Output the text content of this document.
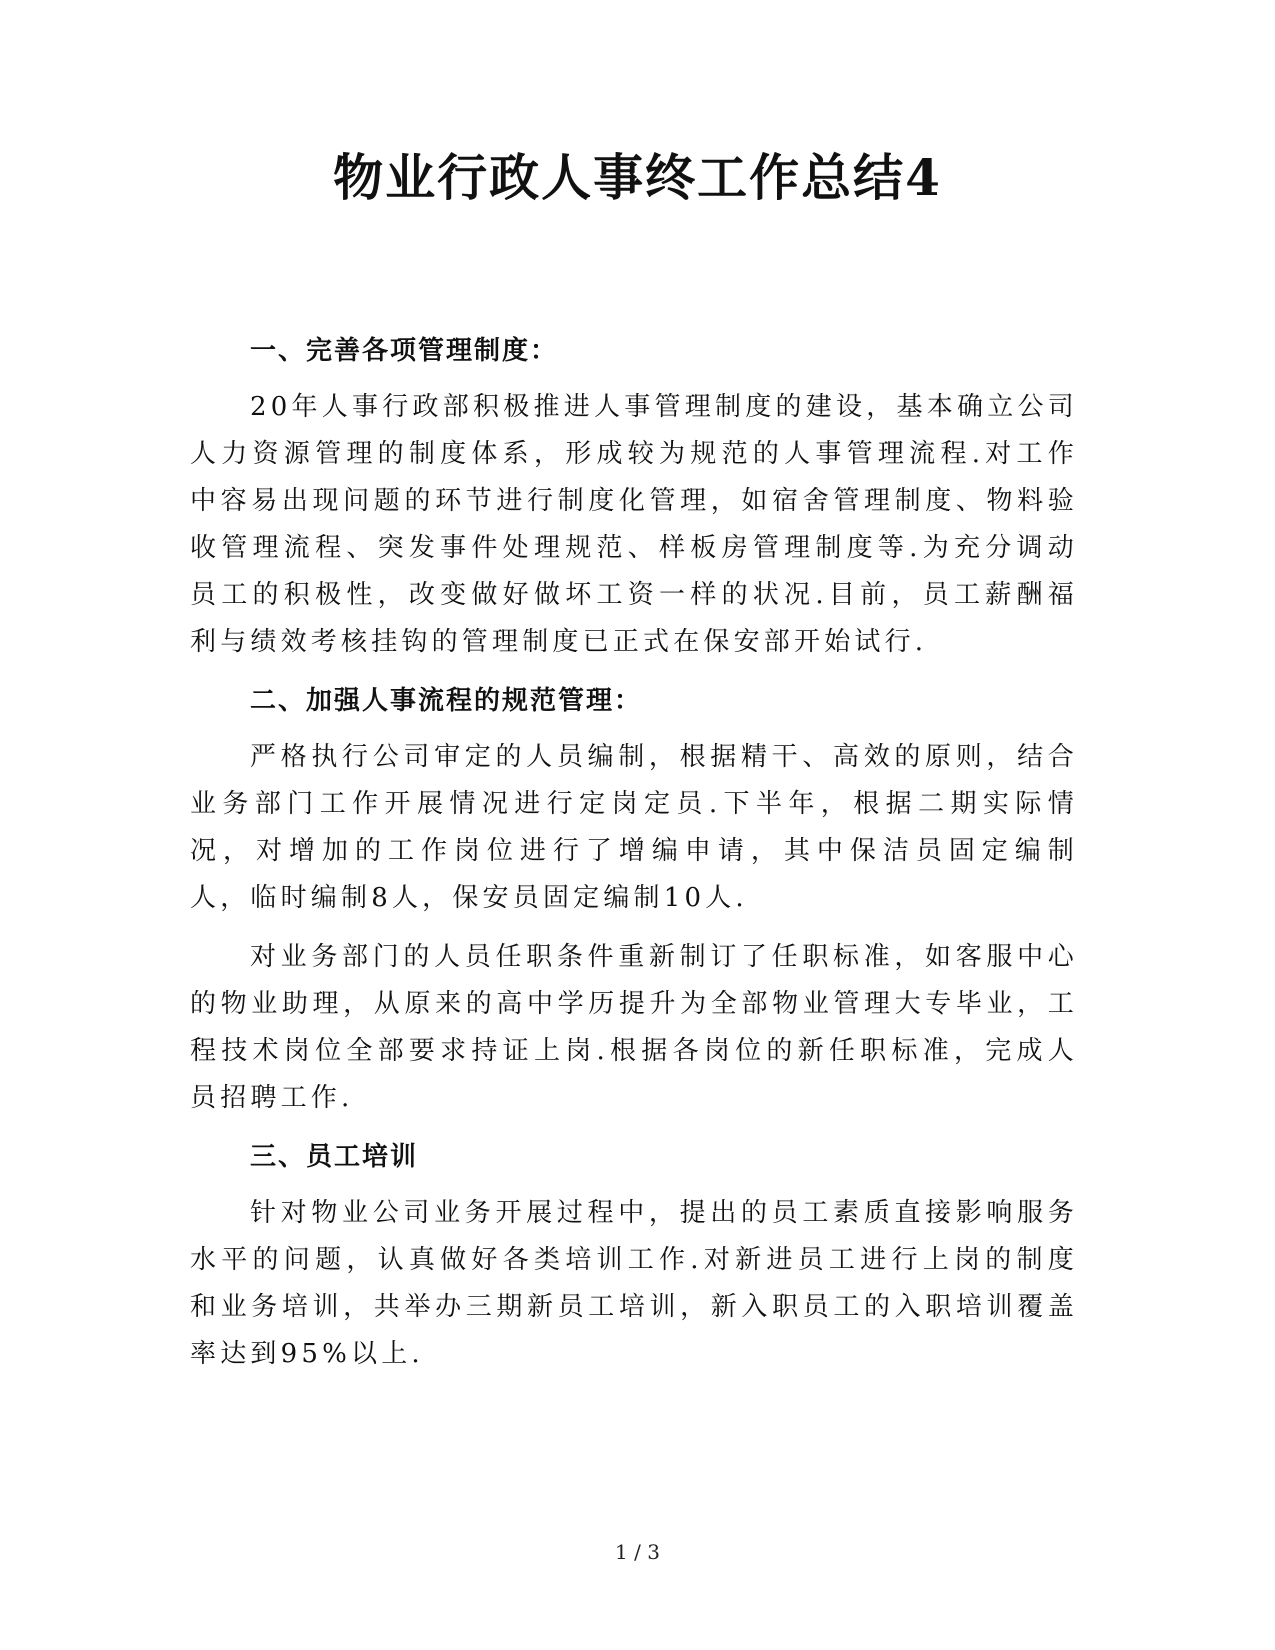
物业行政人事终工作总结4
一、完善各项管理制度：

20年人事行政部积极推进人事管理制度的建设，基本确立公司人力资源管理的制度体系，形成较为规范的人事管理流程.对工作中容易出现问题的环节进行制度化管理，如宿舍管理制度、物料验收管理流程、突发事件处理规范、样板房管理制度等.为充分调动员工的积极性，改变做好做坏工资一样的状况.目前，员工薪酬福利与绩效考核挂钩的管理制度已正式在保安部开始试行.

二、加强人事流程的规范管理：

严格执行公司审定的人员编制，根据精干、高效的原则，结合业务部门工作开展情况进行定岗定员.下半年，根据二期实际情况，对增加的工作岗位进行了增编申请，其中保洁员固定编制 人，临时编制8人，保安员固定编制10人.

对业务部门的人员任职条件重新制订了任职标准，如客服中心的物业助理，从原来的高中学历提升为全部物业管理大专毕业，工程技术岗位全部要求持证上岗.根据各岗位的新任职标准，完成人员招聘工作.

三、员工培训

针对物业公司业务开展过程中，提出的员工素质直接影响服务水平的问题，认真做好各类培训工作.对新进员工进行上岗的制度和业务培训，共举办三期新员工培训，新入职员工的入职培训覆盖率达到95%以上.

1 / 3
